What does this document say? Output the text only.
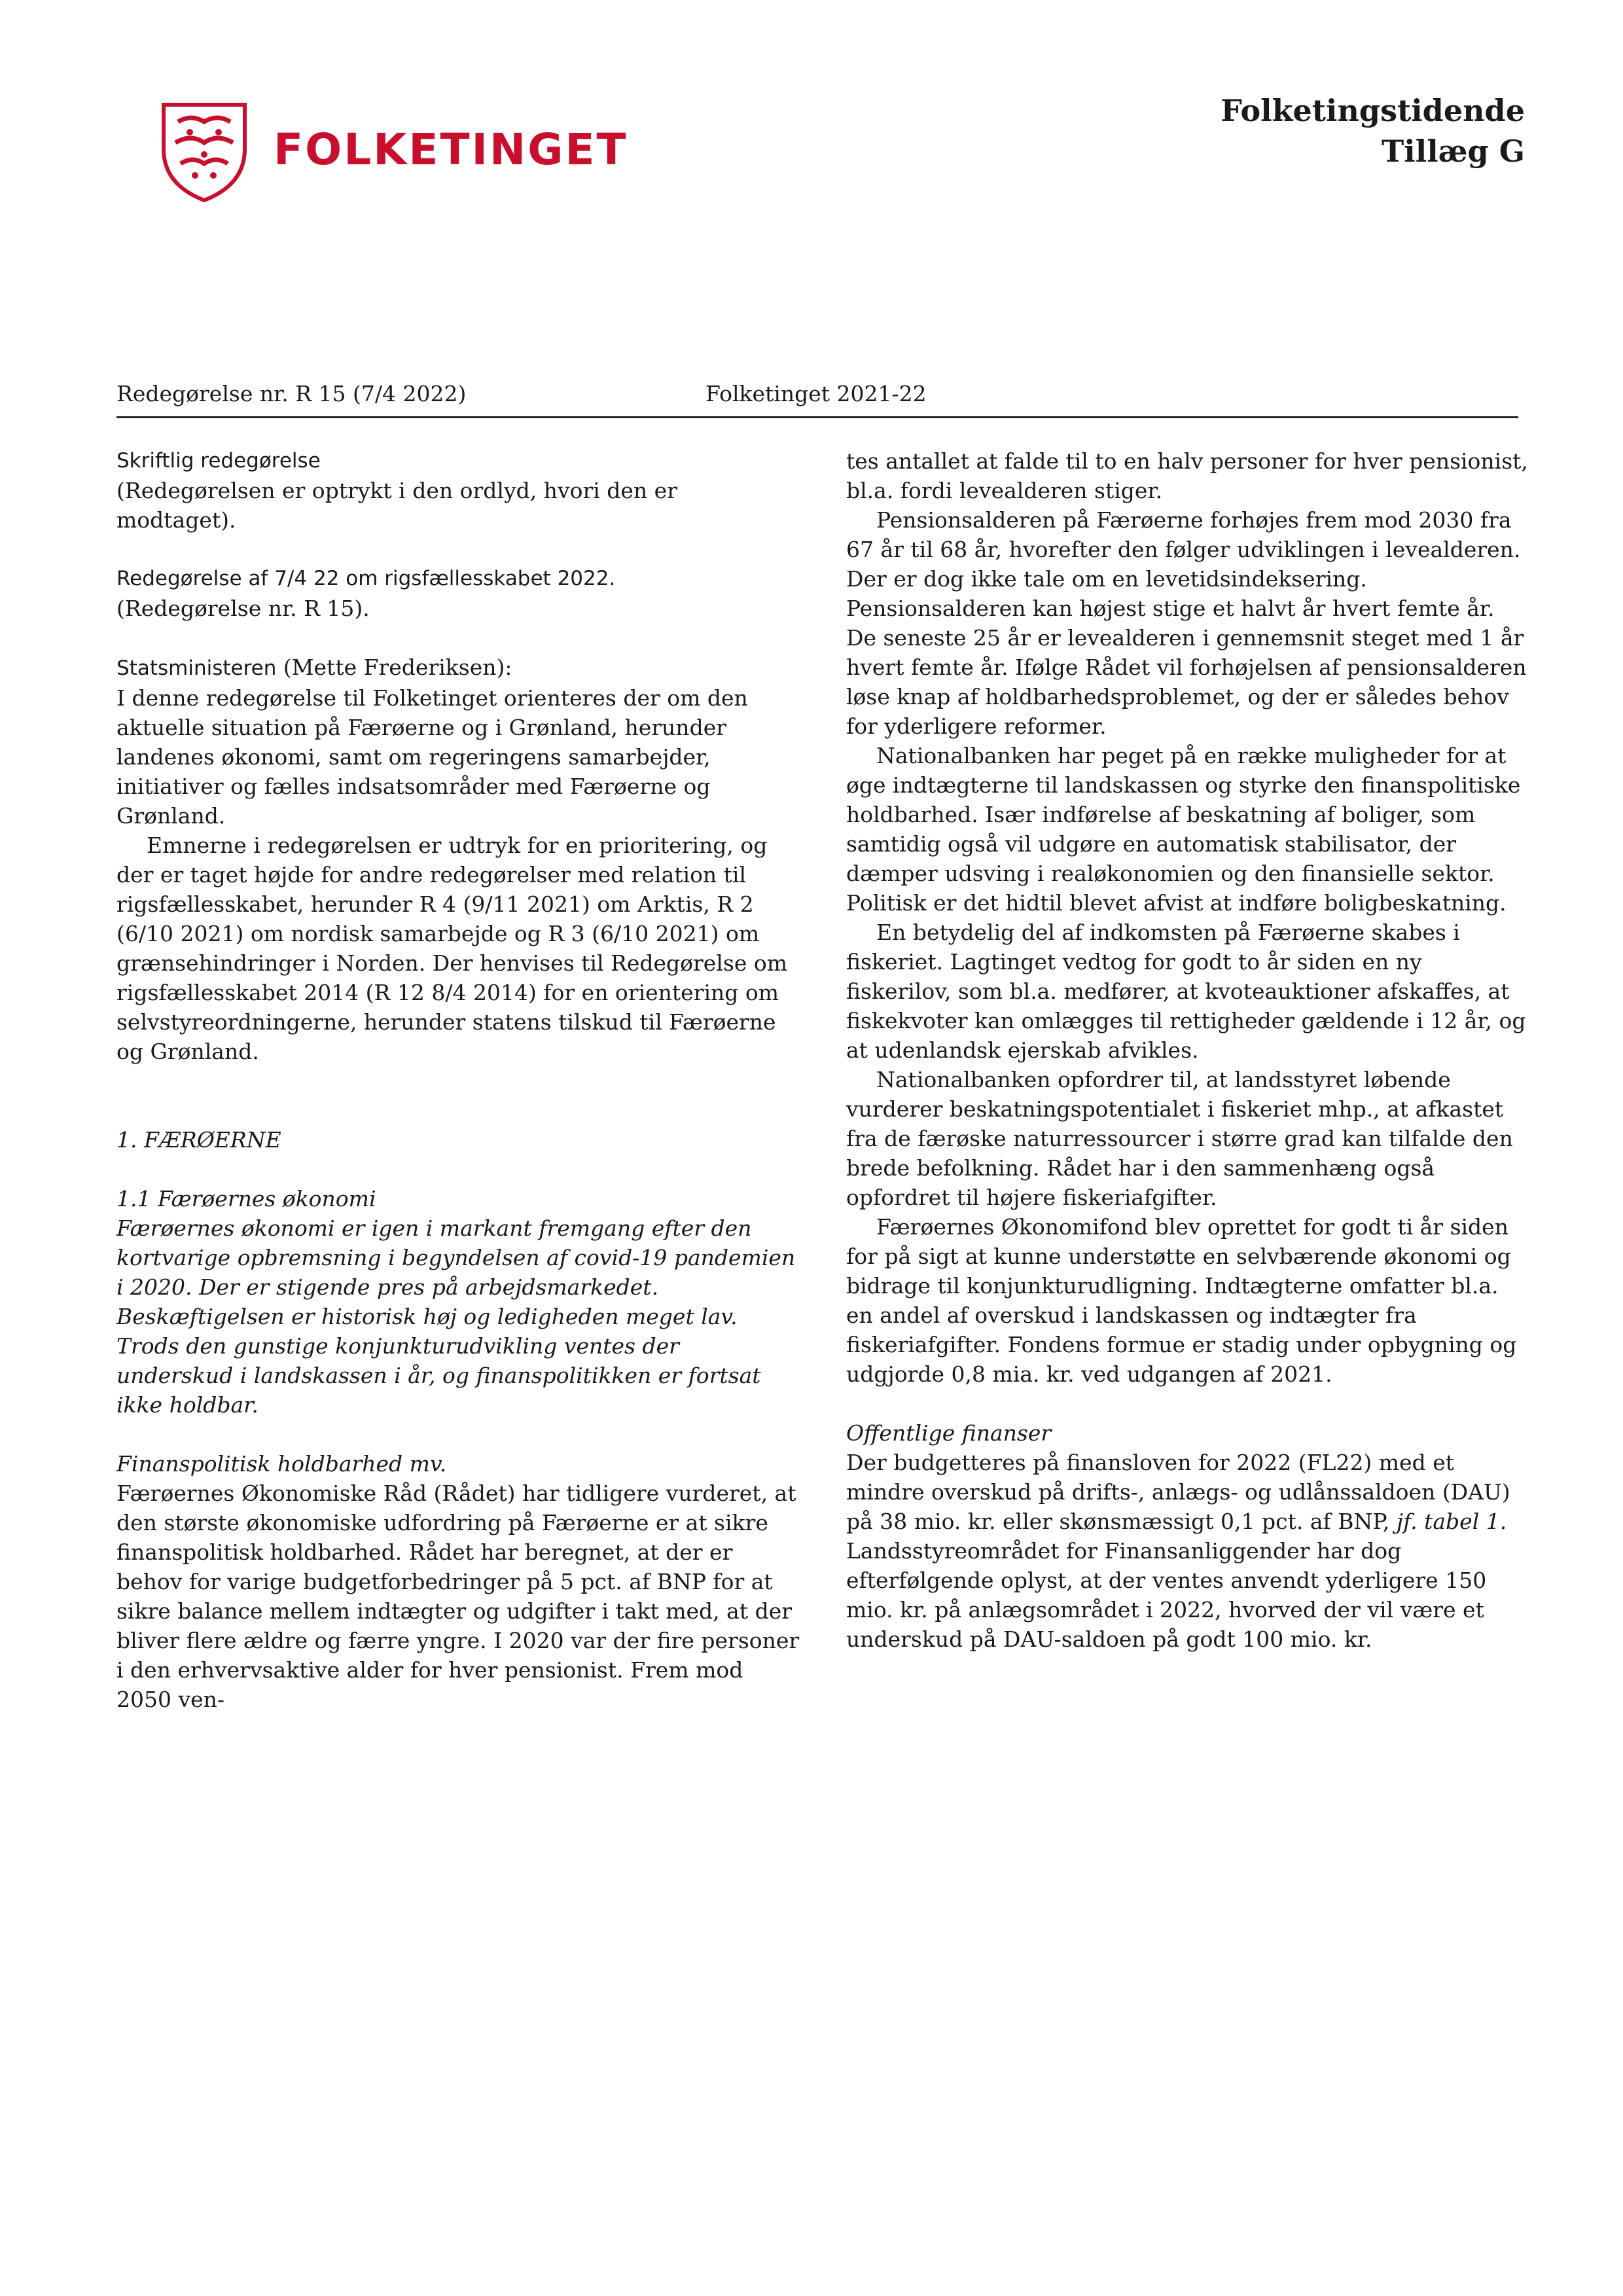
FOLKETINGET
Folketingstidende
Tillæg G
Redegørelse nr. R 15 (7/4 2022)	Folketinget 2021-22

Skriftlig redegørelse

(Redegørelsen er optrykt i den ordlyd, hvori den er modtaget).

Redegørelse af 7/4 22 om rigsfællesskabet 2022.

(Redegørelse nr. R 15).

Statsministeren (Mette Frederiksen):

I denne redegørelse til Folketinget orienteres der om den aktuelle situation på Færøerne og i Grønland, herunder landenes økonomi, samt om regeringens samarbejder, initiativer og fælles indsatsområder med Færøerne og Grønland.

Emnerne i redegørelsen er udtryk for en prioritering, og der er taget højde for andre redegørelser med relation til rigsfællesskabet, herunder R 4 (9/11 2021) om Arktis, R 2 (6/10 2021) om nordisk samarbejde og R 3 (6/10 2021) om grænsehindringer i Norden. Der henvises til Redegørelse om rigsfællesskabet 2014 (R 12 8/4 2014) for en orientering om selvstyreordningerne, herunder statens tilskud til Færøerne og Grønland.

1. FÆRØERNE

1.1 Færøernes økonomi

Færøernes økonomi er igen i markant fremgang efter den kortvarige opbremsning i begyndelsen af covid-19 pandemien i 2020. Der er stigende pres på arbejdsmarkedet. Beskæftigelsen er historisk høj og ledigheden meget lav. Trods den gunstige konjunkturudvikling ventes der underskud i landskassen i år, og finanspolitikken er fortsat ikke holdbar.

Finanspolitisk holdbarhed mv.

Færøernes Økonomiske Råd (Rådet) har tidligere vurderet, at den største økonomiske udfordring på Færøerne er at sikre finanspolitisk holdbarhed. Rådet har beregnet, at der er behov for varige budgetforbedringer på 5 pct. af BNP for at sikre balance mellem indtægter og udgifter i takt med, at der bliver flere ældre og færre yngre. I 2020 var der fire personer i den erhvervsaktive alder for hver pensionist. Frem mod 2050 ven-

tes antallet at falde til to en halv personer for hver pensionist, bl.a. fordi levealderen stiger.

Pensionsalderen på Færøerne forhøjes frem mod 2030 fra 67 år til 68 år, hvorefter den følger udviklingen i levealderen. Der er dog ikke tale om en levetidsindeksering. Pensionsalderen kan højest stige et halvt år hvert femte år. De seneste 25 år er levealderen i gennemsnit steget med 1 år hvert femte år. Ifølge Rådet vil forhøjelsen af pensionsalderen løse knap af holdbarhedsproblemet, og der er således behov for yderligere reformer.

Nationalbanken har peget på en række muligheder for at øge indtægterne til landskassen og styrke den finanspolitiske holdbarhed. Især indførelse af beskatning af boliger, som samtidig også vil udgøre en automatisk stabilisator, der dæmper udsving i realøkonomien og den finansielle sektor. Politisk er det hidtil blevet afvist at indføre boligbeskatning.

En betydelig del af indkomsten på Færøerne skabes i fiskeriet. Lagtinget vedtog for godt to år siden en ny fiskerilov, som bl.a. medfører, at kvoteauktioner afskaffes, at fiskekvoter kan omlægges til rettigheder gældende i 12 år, og at udenlandsk ejerskab afvikles.

Nationalbanken opfordrer til, at landsstyret løbende vurderer beskatningspotentialet i fiskeriet mhp., at afkastet fra de færøske naturressourcer i større grad kan tilfalde den brede befolkning. Rådet har i den sammenhæng også opfordret til højere fiskeriafgifter.

Færøernes Økonomifond blev oprettet for godt ti år siden for på sigt at kunne understøtte en selvbærende økonomi og bidrage til konjunkturudligning. Indtægterne omfatter bl.a. en andel af overskud i landskassen og indtægter fra fiskeriafgifter. Fondens formue er stadig under opbygning og udgjorde 0,8 mia. kr. ved udgangen af 2021.

Offentlige finanser

Der budgetteres på finansloven for 2022 (FL22) med et mindre overskud på drifts-, anlægs- og udlånssaldoen (DAU) på 38 mio. kr. eller skønsmæssigt 0,1 pct. af BNP, jf. tabel 1. Landsstyreområdet for Finansanliggender har dog efterfølgende oplyst, at der ventes anvendt yderligere 150 mio. kr. på anlægsområdet i 2022, hvorved der vil være et underskud på DAU-saldoen på godt 100 mio. kr.
